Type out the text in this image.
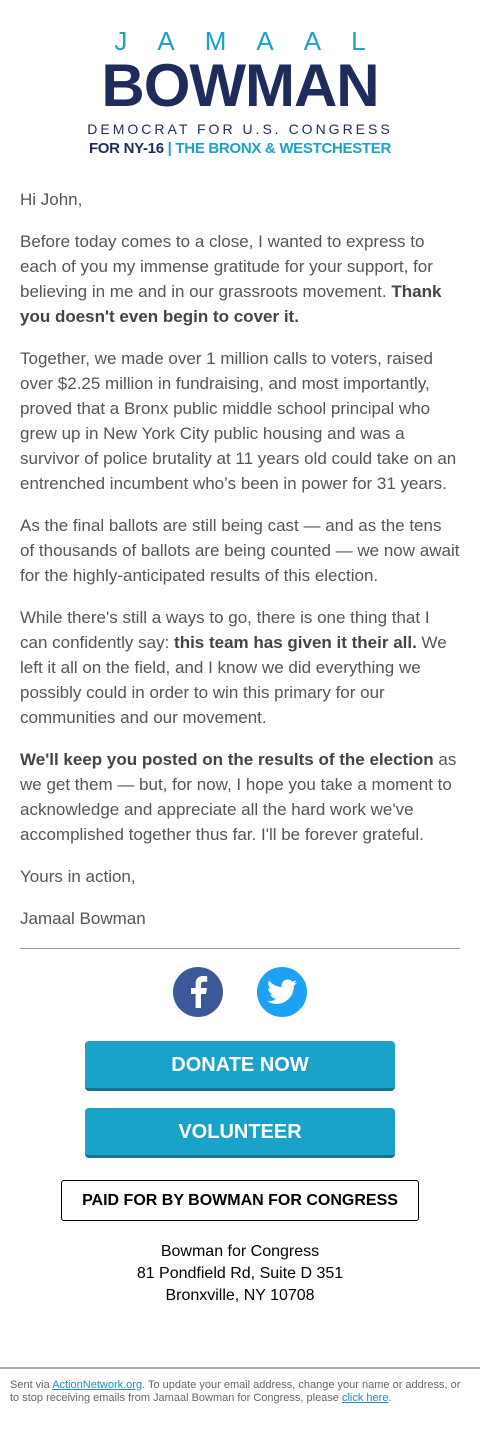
JAMAAL
BOWMAN
DEMOCRAT FOR U.S. CONGRESS
FOR NY-16 | THE BRONX & WESTCHESTER

Hi John,

Before today comes to a close, I wanted to express to each of you my immense gratitude for your support, for believing in me and in our grassroots movement. Thank you doesn't even begin to cover it.

Together, we made over 1 million calls to voters, raised over $2.25 million in fundraising, and most importantly, proved that a Bronx public middle school principal who grew up in New York City public housing and was a survivor of police brutality at 11 years old could take on an entrenched incumbent who’s been in power for 31 years.

As the final ballots are still being cast — and as the tens of thousands of ballots are being counted — we now await for the highly-anticipated results of this election.

While there's still a ways to go, there is one thing that I can confidently say: this team has given it their all. We left it all on the field, and I know we did everything we possibly could in order to win this primary for our communities and our movement.

We'll keep you posted on the results of the election as we get them — but, for now, I hope you take a moment to acknowledge and appreciate all the hard work we've accomplished together thus far. I'll be forever grateful.

Yours in action,

Jamaal Bowman

DONATE NOW
VOLUNTEER
PAID FOR BY BOWMAN FOR CONGRESS
Bowman for Congress
81 Pondfield Rd, Suite D 351
Bronxville, NY 10708
Sent via ActionNetwork.org. To update your email address, change your name or address, or to stop receiving emails from Jamaal Bowman for Congress, please click here.
